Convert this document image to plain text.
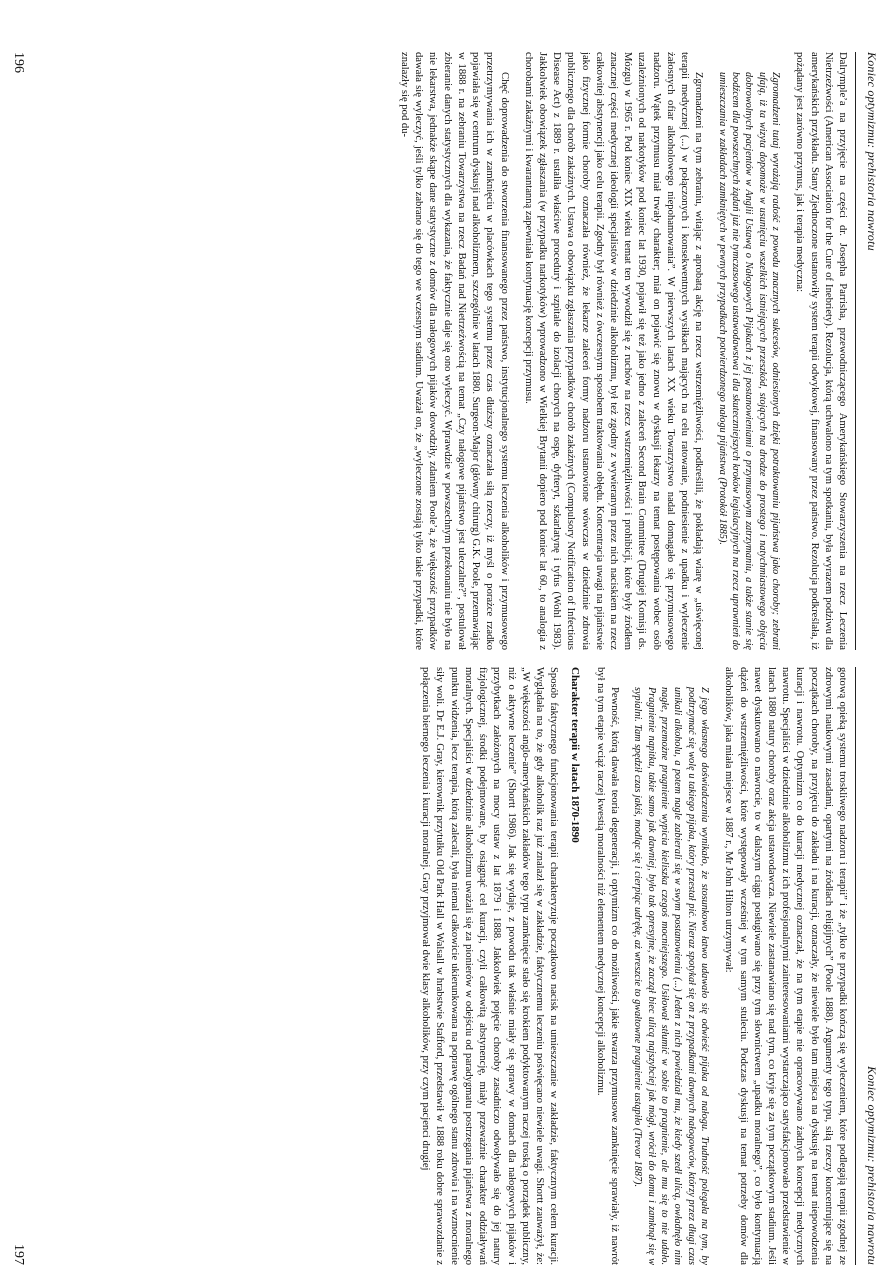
Koniec optymizmu: prehistoria nawrotu

Dalrymple’a na przyjęcie na części dr. Josepha Parrisha, przewodniczącego Amerykańskiego Stowarzyszenia na rzecz Leczenia Nietrzeźwości (American Association for the Cure of Inebriety). Rezolucja, którą uchwalono na tym spotkaniu, była wyrazem podziwu dla amerykańskich przykładu. Stany Zjednoczone ustanowiły system terapii odwykowej, finansowany przez państwo. Rezolucja podkreślała, iż pożądany jest zarówno przymus, jak i terapia medyczna:

Zgromadzeni tutaj wyrażają radość z powodu znacznych sukcesów, odniesionych dzięki potraktowaniu pijaństwa jako choroby; zebrani ufają, iż ta wizyta dopomoże w usunięciu wszelkich istniejących przeszkód, stojących na drodze do prostego i natychmiastowego objęcia dobrowolnych pacjentów w Anglii Ustawą o Nałogowych Pijakach z jej postanowieniami o przymusowym zatrzymaniu, a także stanie się bodźcem dla powszechnych żądań już nie tymczasowego ustawodawstwa i dla skuteczniejszych kroków legislacyjnych na rzecz uprawnień do umieszczania w zakładach zamkniętych w pewnych przypadkach potwierdzonego nałogu pijaństwa (Protokół 1885).

Zgromadzeni na tym zebraniu, witając z aprobatą akcję na rzecz wstrzemięźliwości, podkreślili, że pokładają wiarę w „uświęconej terapii medycznej (...) w połączonych i konsekwentnych wysiłkach mających na celu ratowanie, podniesienie z upadku i wyleczenie żałosnych ofiar alkoholowego niepohamowania”. W pierwszych latach XX wieku Towarzystwo nadal domagało się przymusowego nadzoru. Wątek przymusu miał trwały charakter; miał on pojawić się znowu w dyskusji lekarzy na temat postępowania wobec osób uzależnionych od narkotyków pod koniec lat 1930, pojawił się też jako jedno z zaleceń Second Brain Committee (Drugiej Komisji ds. Mózgu) w 1965 r. Pod koniec XIX wieku temat ten wywodził się z ruchów na rzecz wstrzemięźliwości i prohibicji, które były źródłem znacznej części medycznej ideologii specjalistów w dziedzinie alkoholizmu, był też zgodny z wywieranym przez nich naciskiem na rzecz całkowitej abstynencji jako celu terapii. Zgodny był również z ówczesnym sposobem traktowania obłędu. Koncentracja uwagi na pijaństwie jako fizycznej formie choroby oznaczała również, że lekarze zaleceń formy nadzoru ustanowione wówczas w dziedzinie zdrowia publicznego dla chorób zakaźnych. Ustawa o obowiązku zgłaszania przypadków chorób zakaźnych (Compulsory Notification of Infectious Disease Act) z 1889 r. ustaliła właściwe procedury i szpitale do izolacji chorych na ospę, dyfteryt, szkarlatynę i tyfus (Wohl 1983). Jakkolwiek obowiązek zgłaszania (w przypadku narkotyków) wprowadzono w Wielkiej Brytanii dopiero pod koniec lat 60., to analogia z chorobami zakaźnymi i kwarantanną zapewniała kontynuację koncepcji przymusu.

Chęć doprowadzenia do stworzenia finansowanego przez państwo, instytucjonalnego systemu leczenia alkoholików i przymusowego przetrzymywania ich w zamknięciu w placówkach tego systemu przez czas dłuższy oznaczała siłą rzeczy, iż myśl o porażce rzadko pojawiała się w centrum dyskusji nad alkoholizmem, szczególnie w latach 1880. Surgeon-Major (główny chirurg) G.K. Poole, przemawiając w 1888 r. na zebraniu Towarzystwa na rzecz Badań nad Nietrzeźwością na temat „Czy nałogowe pijaństwo jest uleczalne?”, postulował zbieranie danych statystycznych dla wykazania, że faktycznie daje się ono wyleczyć. Wprawdzie w powszechnym przekonaniu nie było na nie lekarstwa, jednakże skąpe dane statystyczne z domów dla nałogowych pijaków dowodziły, zdaniem Poole’a, że większość przypadków dawała się wyleczyć, jeśli tylko zabrano się do tego we wczesnym stadium. Uważał on, że „wyleczone zostają tylko takie przypadki, które znalazły się pod du-

196
Koniec optymizmu: prehistoria nawrotu

gotową opieką systemu troskliwego nadzoru i terapii” i że „tylko te przypadki kończą się wyleczeniem, które podlegają terapii zgodnej ze zdrowymi naukowymi zasadami, opartymi na źródłach religijnych” (Poole 1888). Argumenty tego typu, siłą rzeczy koncentrujące się na początkach choroby, na przyjęciu do zakładu i na kuracji, oznaczały, że niewiele było tam miejsca na dyskusję na temat niepowodzenia kuracji i nawrotu. Optymizm co do kuracji medycznej oznaczał, że na tym etapie nie opracowywano żadnych koncepcji medycznych nawrotu. Specjaliści w dziedzinie alkoholizmu z ich profesjonalnymi zainteresowaniami wystarczająco satysfakcjonowało przedstawienie w latach 1880 natury choroby oraz akcja ustawodawcza. Niewiele zastanawiano się nad tym, co kryje się za tym początkowym stadium. Jeśli nawet dyskutowano o nawrocie, to w dalszym ciągu posługiwano się przy tym słownictwem „upadku moralnego”, co było kontynuacją dążeń do wstrzemięźliwości, które występowały wcześniej w tym samym stuleciu. Podczas dyskusji na temat potrzeby domów dla alkoholików, jaka miała miejsce w 1887 r., Mr John Hilton utrzymywał:

Z jego własnego doświadczenia wynikało, że stosunkowo łatwo udawało się odwieść pijaka od nałogu. Trudność polegała na tym, by podtrzymać się wolę u takiego pijaka, który przestał pić. Nieraz spotykał się on z przypadkami dawnych nałogowców, którzy przez długi czas unikali alkoholu, a potem nagle zabierali się w swym postanowieniu (...) Jeden z nich powiedział mu, że kiedy szedł ulicą, owładnęło nim nagłe, przemożne pragnienie wypicia kieliszka czegoś mocniejszego. Usiłował stłumić w sobie to pragnienie, ale mu się to nie udało. Pragnienie napitku, takie samo jak dawniej, było tak opresyjne, że zaczął biec ulicą najszybciej jak mógł, wrócił do domu i zamknął się w sypialni. Tam spędził czas jakiś, modląc się i cierpiąc udrękę, aż wreszcie to gwałtowne pragnienie ustąpiło (Trevor 1887).

Pewność, którą dawała teoria degeneracji, i optymizm co do możliwości, jakie stwarza przymusowe zamknięcie sprawiały, iż nawrót był na tym etapie wciąż raczej kwestią moralności niż elementem medycznej koncepcji alkoholizmu.

Charakter terapii w latach 1870-1890

Sposób faktycznego funkcjonowania terapii charakteryzuje początkowo nacisk na umieszczanie w zakładzie, faktycznym celem kuracji. Wyglądała na to, że gdy alkoholik raz już znalazł się w zakładzie, faktycznemu leczeniu poświęcano niewiele uwagi. Shortt zauważył, że: „W większości anglo-amerykańskich zakładów tego typu zamknięcie stało się krokiem podyktowanym raczej troską o porządek publiczny, niż o aktywne leczenie” (Shortt 1986). Jak się wydaje, z powodu tak właśnie miały się sprawy w domach dla nałogowych pijaków i przybytkach założonych na mocy ustaw z lat 1879 i 1888. Jakkolwiek pojęcie choroby zasadniczo odwoływało się do jej natury fizjologicznej, środki podejmowane, by osiągnąć cel kuracji, czyli całkowitą abstynencję, miały przeważnie charakter oddziaływań moralnych. Specjaliści w dziedzinie alkoholizmu uważali się za pionierów w odejściu od paradygmatu postrzegania pijaństwa z moralnego punktu widzenia, lecz terapia, którą zalecali, była niemal całkowicie ukierunkowana na poprawę ogólnego stanu zdrowia i na wzmocnienie siły woli. Dr E.J. Gray, kierownik przytułku Old Park Hall w Walsall w hrabstwie Stafford, przedstawił w 1888 roku dobre sprawozdanie z połączenia biernego leczenia i kuracji moralnej. Gray przyjmował dwie klasy alkoholików, przy czym pacjenci drugiej

197
